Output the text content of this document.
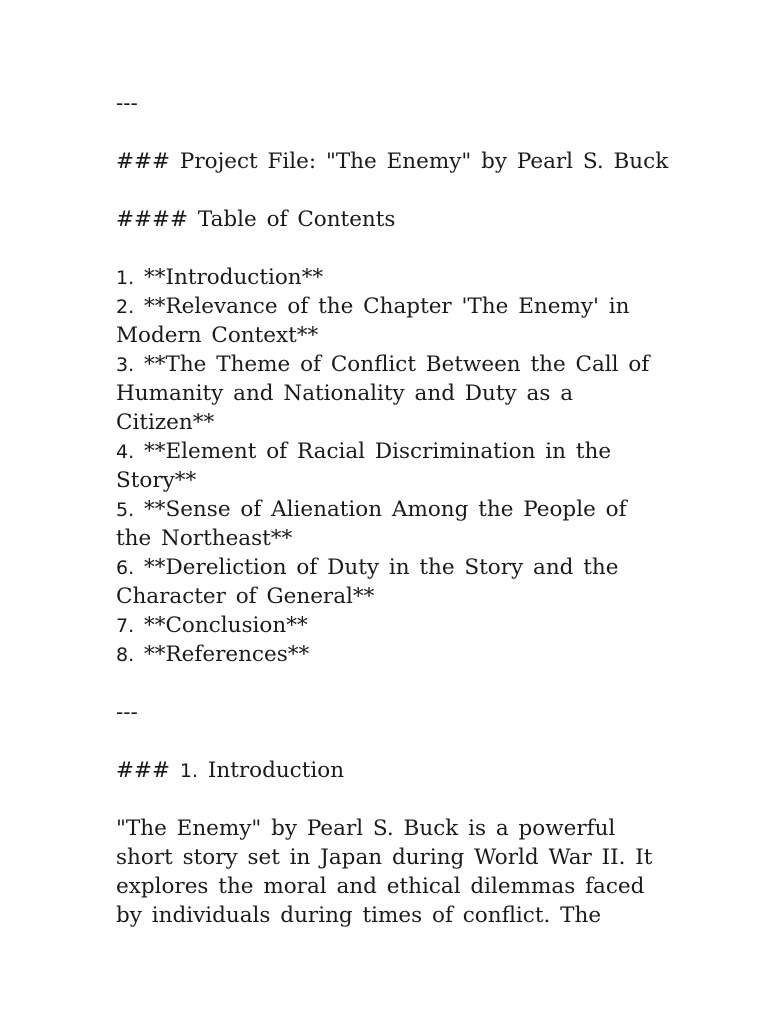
---
### Project File: "The Enemy" by Pearl S. Buck
#### Table of Contents
1. **Introduction**
2. **Relevance of the Chapter 'The Enemy' in
Modern Context**
3. **The Theme of Conflict Between the Call of
Humanity and Nationality and Duty as a
Citizen**
4. **Element of Racial Discrimination in the
Story**
5. **Sense of Alienation Among the People of
the Northeast**
6. **Dereliction of Duty in the Story and the
Character of General**
7. **Conclusion**
8. **References**
---
### 1. Introduction
"The Enemy" by Pearl S. Buck is a powerful
short story set in Japan during World War II. It
explores the moral and ethical dilemmas faced
by individuals during times of conflict. The
